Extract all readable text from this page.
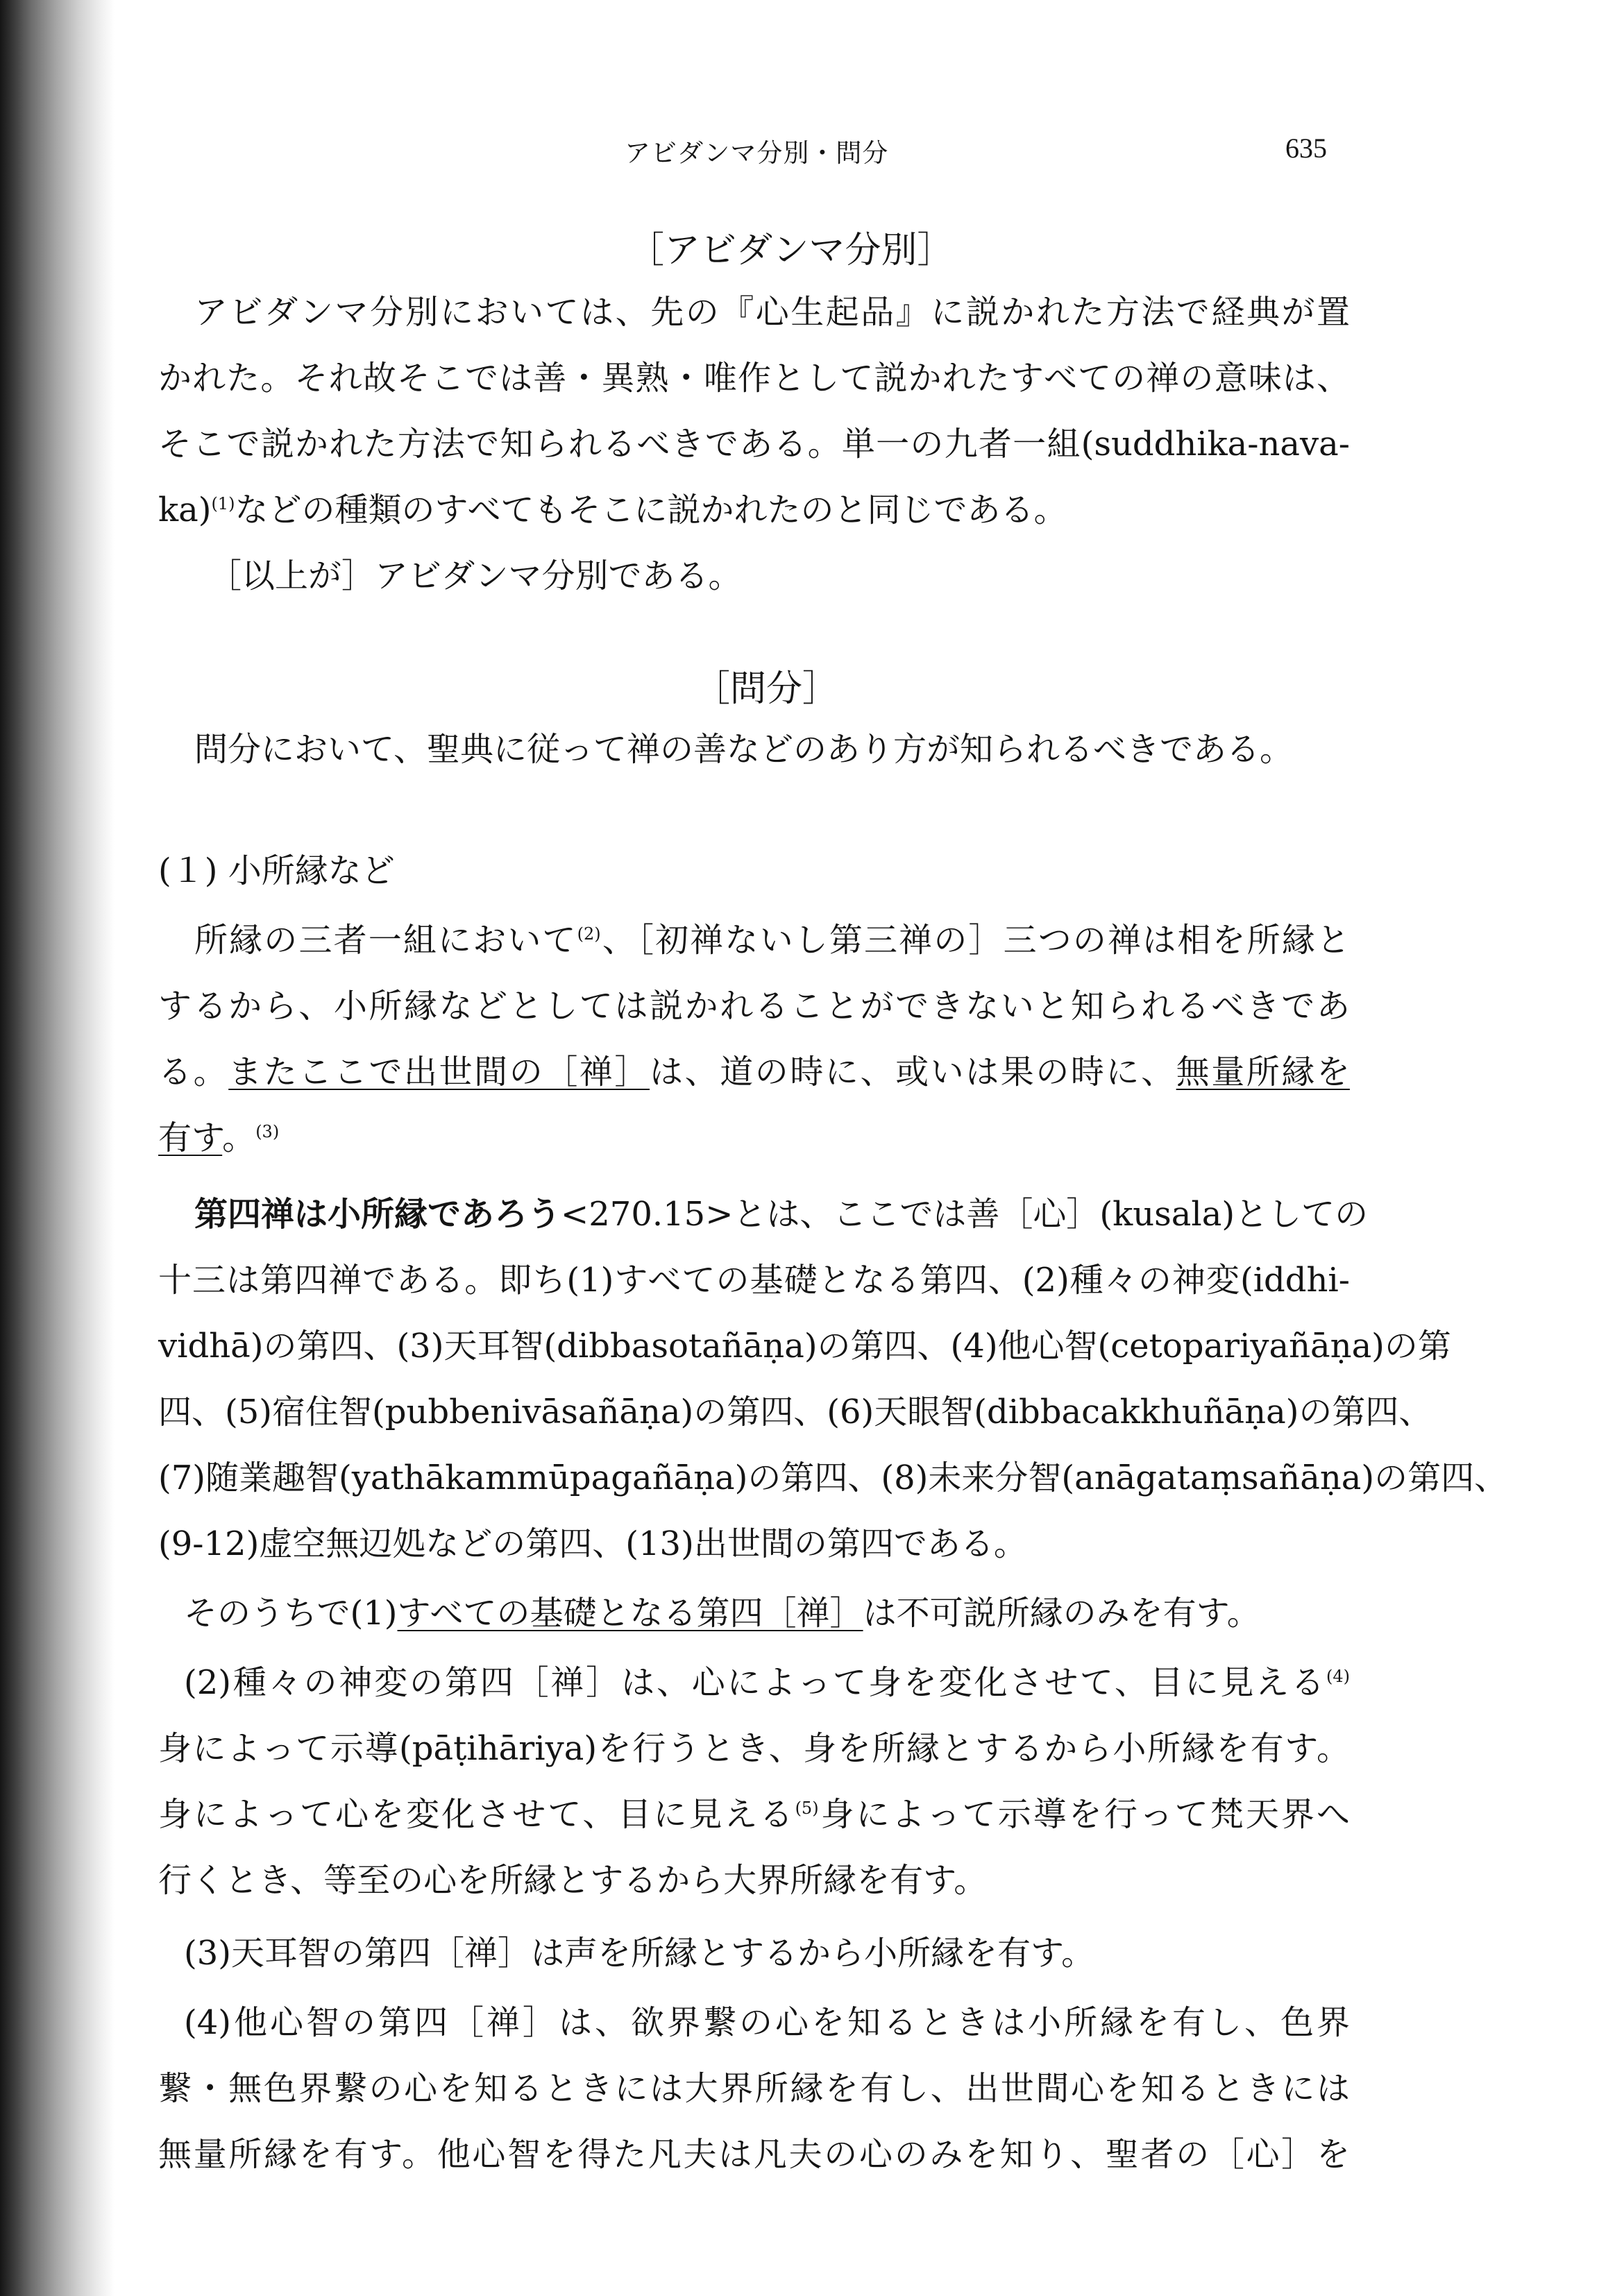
アビダンマ分別・問分	635
［アビダンマ分別］
アビダンマ分別においては、先の『心生起品』に説かれた方法で経典が置
かれた。それ故そこでは善・異熟・唯作として説かれたすべての禅の意味は、
そこで説かれた方法で知られるべきである。単一の九者一組(suddhika-nava-
ka)$^{(1)}$などの種類のすべてもそこに説かれたのと同じである。
［以上が］アビダンマ分別である。
［問分］
問分において、聖典に従って禅の善などのあり方が知られるべきである。
(１) 小所縁など
所縁の三者一組において$^{(2)}$、［初禅ないし第三禅の］三つの禅は相を所縁と
するから、小所縁などとしては説かれることができないと知られるべきであ
る。またここで出世間の［禅］は、道の時に、或いは果の時に、無量所縁を
有す。$^{(3)}$
第四禅は小所縁であろう<270.15>とは、ここでは善［心］(kusala)としての
十三は第四禅である。即ち(1)すべての基礎となる第四、(2)種々の神変(iddhi-
vidhā)の第四、(3)天耳智(dibbasotañāṇa)の第四、(4)他心智(cetopariyañāṇa)の第
四、(5)宿住智(pubbenivāsañāṇa)の第四、(6)天眼智(dibbacakkhuñāṇa)の第四、
(7)随業趣智(yathākammūpagañāṇa)の第四、(8)未来分智(anāgataṃsañāṇa)の第四、
(9-12)虚空無辺処などの第四、(13)出世間の第四である。
そのうちで(1)すべての基礎となる第四［禅］は不可説所縁のみを有す。
(2)種々の神変の第四［禅］は、心によって身を変化させて、目に見える$^{(4)}$
身によって示導(pāṭihāriya)を行うとき、身を所縁とするから小所縁を有す。
身によって心を変化させて、目に見える$^{(5)}$身によって示導を行って梵天界へ
行くとき、等至の心を所縁とするから大界所縁を有す。
(3)天耳智の第四［禅］は声を所縁とするから小所縁を有す。
(4)他心智の第四［禅］は、欲界繋の心を知るときは小所縁を有し、色界
繋・無色界繋の心を知るときには大界所縁を有し、出世間心を知るときには
無量所縁を有す。他心智を得た凡夫は凡夫の心のみを知り、聖者の［心］を
